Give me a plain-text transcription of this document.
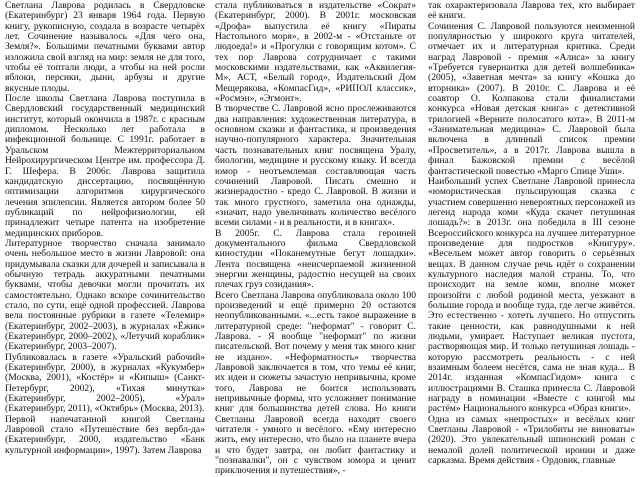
Светлана Лаврова родилась в Свердловске (Екатеринбург) 23 января 1964 года. Первую книгу, рукописную, создала в возрасте четырёх лет. Сочинение называлось «Для чего она, Земля?». Большими печатными буквами автор изложила свой взгляд на мир: земля не для того, чтобы её топтали люди, а чтобы на ней росли яблоки, персики, дыни, арбузы и другие вкусные плоды.

После школы Светлана Лаврова поступила в Свердловский государственный медицинский институт, который окончила в 1987г. с красным дипломом. Несколько лет работала в инфекционной больнице. С 1991г. работает в Уральском Межтерриториальном Нейрохирургическом Центре им. профессора Д. Г. Шефера. В 2006г. Лаврова защитила кандидатскую диссертацию, посвящённую оптимизации алгоритмов хирургического лечения эпилепсии. Является автором более 50 публикаций по нейрофизиологии, ей принадлежит четыре патента на изобретение медицинских приборов.

Литературное творчество сначала занимало очень небольшое место в жизни Лавровой: она придумывала сказки для дочерей и записывала в обычную тетрадь аккуратными печатными буквами, чтобы девочки могли прочитать их самостоятельно. Однако вскоре сочинительство стало, по сути, ещё одной профессией. Лаврова вела постоянные рубрики в газете «Телемир» (Екатеринбург, 2002–2003), в журналах «Ёжик» (Екатеринбург, 2000–2002), «Летучий кораблик» (Екатеринбург, 2003–2007).

Публиковалась в газете «Уральский рабочий» (Екатеринбург, 2000), в журналах «Кукумбер» (Москва, 2001), «Костёр» и «Кипыш» (Санкт-Петербург, 2002), «Тихая минутка» (Екатеринбург, 2002–2005), «Урал» (Екатеринбург, 2011), «Октябрь» (Москва, 2013).

Первой напечатанной книгой Светланы Лавровой стало «Путешествие без вербл-да» (Екатеринбург, 2000, издательство «Банк культурной информации», 1997). Затем Лаврова

стала публиковаться в издательстве «Сократ» (Екатеринбург, 2000). В 2001г. московская «Дрофа» выпустила её книгу «Пираты Настольного моря», в 2002-м - «Отстаньте от людоеда!» и «Прогулки с говорящим котом». С тех пор Лаврова сотрудничает с такими московскими издательствами, как «Аквилегия-М», АСТ, «Белый город», Издательский Дом Мещерякова, «КомпасГид», «РИПОЛ классик», «Росмэн», «Эгмонт».

В творчестве С. Лавровой ясно прослеживаются два направления: художественная литература, в основном сказки и фантастика, и произведения научно-популярного характера. Значительная часть познавательных книг посвящена Уралу, биологии, медицине и русскому языку. И всегда юмор - неотъемлемая составляющая часть сочинений Лавровой. Писать смешно и жизнерадостно - кредо С. Лавровой. В жизни и так много грустного, заметила она однажды, «значит, надо увеличивать количество весёлого всеми силами - и в реальности, и в книгах».

В 2005г. С. Лаврова стала героиней документального фильма Свердловской киностудии «Поканемутные бегут лошадки». Лента посвящена «неисчерпаемой жизненной энергии женщины, радостно несущей на своих плечах груз созидания».

Всего Светлана Лаврова опубликовала около 100 произведений и ещё примерно 20 остаются неопубликованными. «...есть такое выражение в литературной среде: "неформат" - говорит С. Лаврова. - Я вообще "неформат" по жизни писательской. Вот почему у меня так много книг не издано». «Неформатность» творчества Лавровой заключается в том, что темы её книг, их идеи и сюжеты зачастую непривычны, кроме того, Лаврова не боится использовать непривычные формы, что усложняет понимание книг для большинства детей слова. Но книги Светланы Лавровой всегда находят своего читателя - умного и весёлого. «Ему интересно жить, ему интересно, что было на планете вчера и что будет завтра, он любит фантастику и "познавалки", он с чувством юмора и ценит приключения и путешествия», -

так охарактеризовала Лаврова тех, кто выбирает её книги.

Сочинения С. Лавровой пользуются неизменной популярностью у широкого круга читателей, отмечает их и литературная критика. Среди наград Лавровой - премия «Алиса» за книгу «Требуется гувернантка для детей волшебника» (2005), «Заветная мечта» за книгу «Кошка до вторника» (2007). В 2010г. С. Лаврова и её соавтор О. Колпакова стали финалистами конкурса «Новая детская книга» с детективной трилогией «Верните полосатого кота». В 2011-м «Занимательная медицина» С. Лавровой была включена в длинный список премии «Просветитель», а в 2017г. Лаврова вышла в финал Бажовской премии с весёлой фантастической повестью «Марго Спице Уши».

Наибольший успех Светлане Лавровой принесла «юмористическая пульсирующая сказка с участием совершенно невероятных персонажей из легенд народа коми «Куда скачет петушиная лошадь?»: в 2013г. она победила в III сезоне Всероссийского конкурса на лучшее литературное произведение для подростков «Книгуру». «Весельем может автор говорить о серьёзных вещах. В данном случае речь идёт о сохранении культурного наследия малой страны. То, что происходит на земле коми, вполне может произойти с любой родиной места, уезжают в большие города и вообще туда, где легче живётся. Это естественно - хотеть лучшего. Но отпустить такие ценности, как равнодушными к ней людьми, умирает. Наступает великая пустота, растворяющая мир. И только петушиная лошадь - которую рассмотреть реальность - с ней взаимным болеем несётся, сама не зная куда... В 2014г. изданная «КомпасГидом» книга с иллюстрациями В. Сташка принесла С. Лавровой награду в номинации «Вместе с книгой мы растём» Национального конкурса «Образ книги».

Одна из самых «непростых» и весёлых книг Светланы Лавровой - «Трилобиты не виноваты» (2020). Это увлекательный шпионский роман с немалой долей политической иронии и даже сарказма. Время действия - Ордовик, главные
